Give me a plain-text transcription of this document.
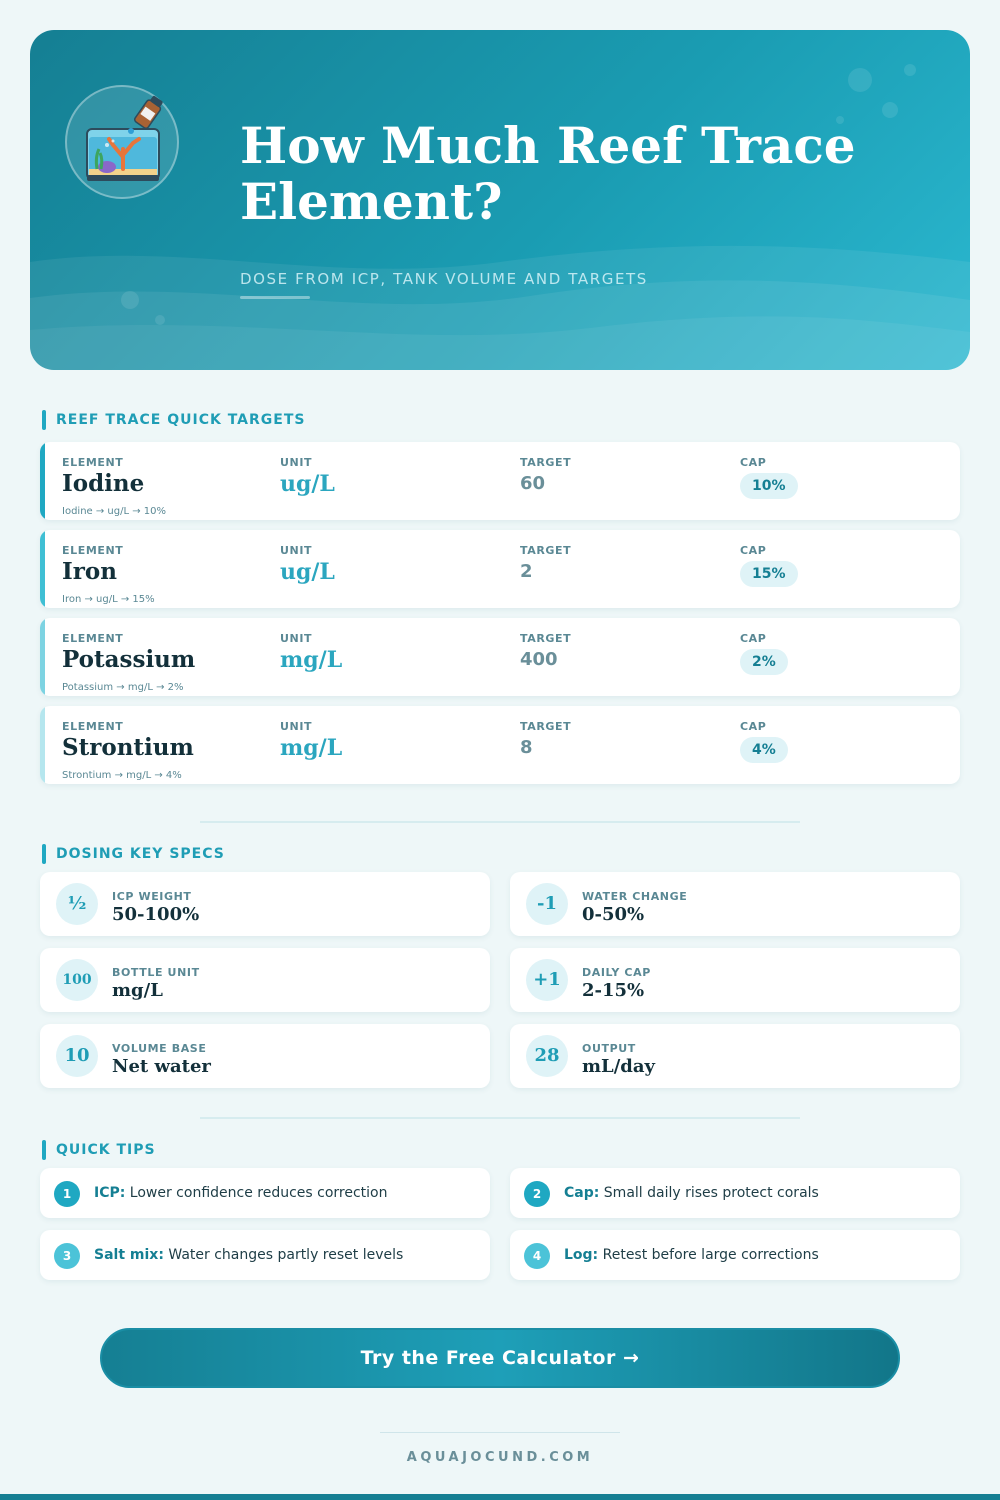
How Much Reef Trace Element?
DOSE FROM ICP, TANK VOLUME AND TARGETS
REEF TRACE QUICK TARGETS
ELEMENT
Iodine
UNIT
ug/L
TARGET
60
CAP
10%
Iodine → ug/L → 10%
ELEMENT
Iron
UNIT
ug/L
TARGET
2
CAP
15%
Iron → ug/L → 15%
ELEMENT
Potassium
UNIT
mg/L
TARGET
400
CAP
2%
Potassium → mg/L → 2%
ELEMENT
Strontium
UNIT
mg/L
TARGET
8
CAP
4%
Strontium → mg/L → 4%
DOSING KEY SPECS
½	ICP WEIGHT
50-100%
-1	WATER CHANGE
0-50%
100	BOTTLE UNIT
mg/L
+1	DAILY CAP
2-15%
10	VOLUME BASE
Net water
28	OUTPUT
mL/day
QUICK TIPS
1	ICP: Lower confidence reduces correction	2	Cap: Small daily rises protect corals
3	Salt mix: Water changes partly reset levels	4	Log: Retest before large corrections
Try the Free Calculator →
AQUAJOCUND.COM
